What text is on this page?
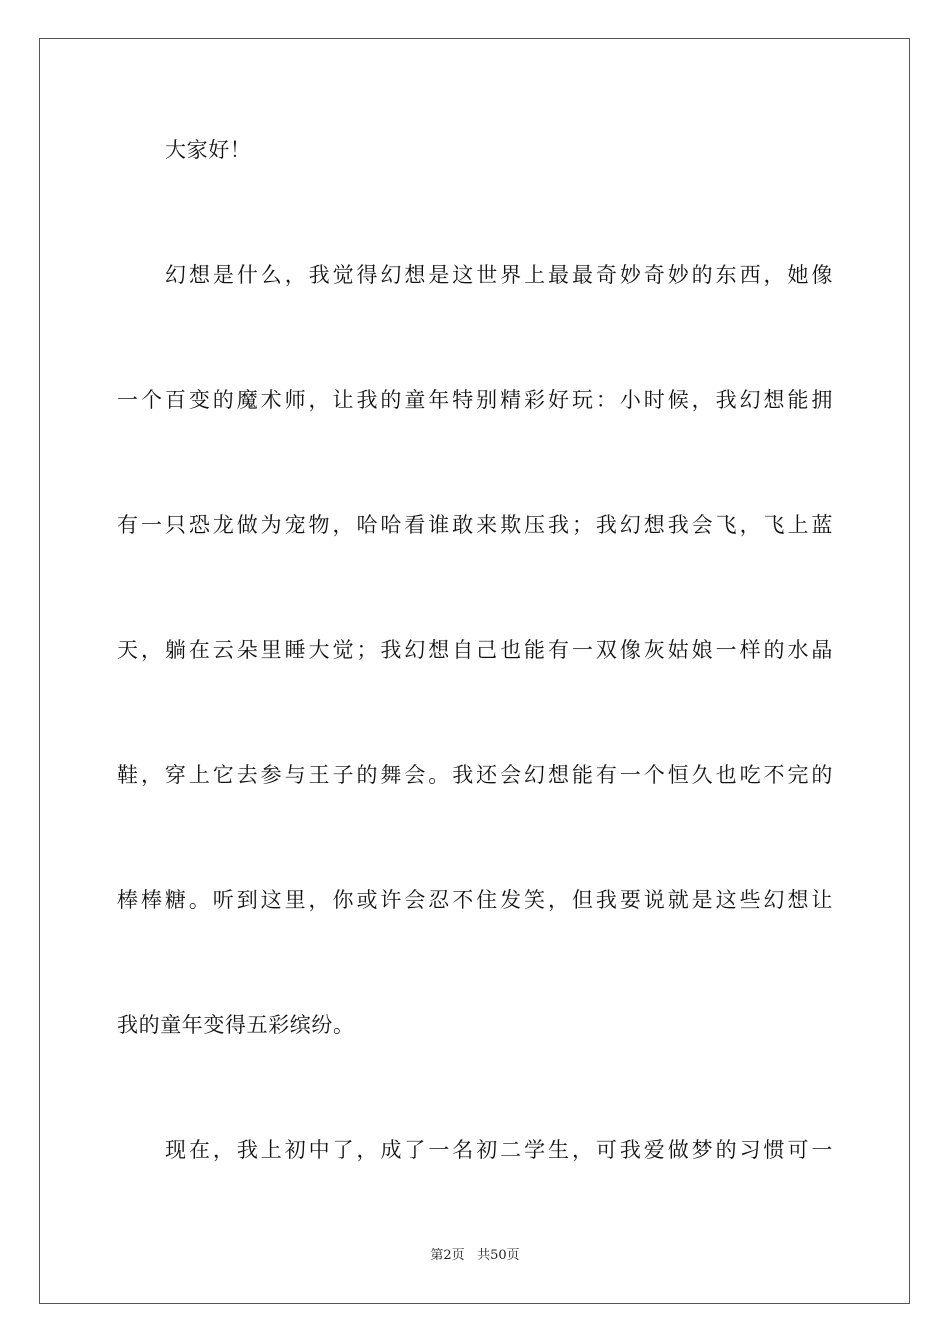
大家好！
幻想是什么，我觉得幻想是这世界上最最奇妙奇妙的东西，她像
一个百变的魔术师，让我的童年特别精彩好玩：小时候，我幻想能拥
有一只恐龙做为宠物，哈哈看谁敢来欺压我；我幻想我会飞，飞上蓝
天，躺在云朵里睡大觉；我幻想自己也能有一双像灰姑娘一样的水晶
鞋，穿上它去参与王子的舞会。我还会幻想能有一个恒久也吃不完的
棒棒糖。听到这里，你或许会忍不住发笑，但我要说就是这些幻想让
我的童年变得五彩缤纷。
现在，我上初中了，成了一名初二学生，可我爱做梦的习惯可一
第2页 共50页
